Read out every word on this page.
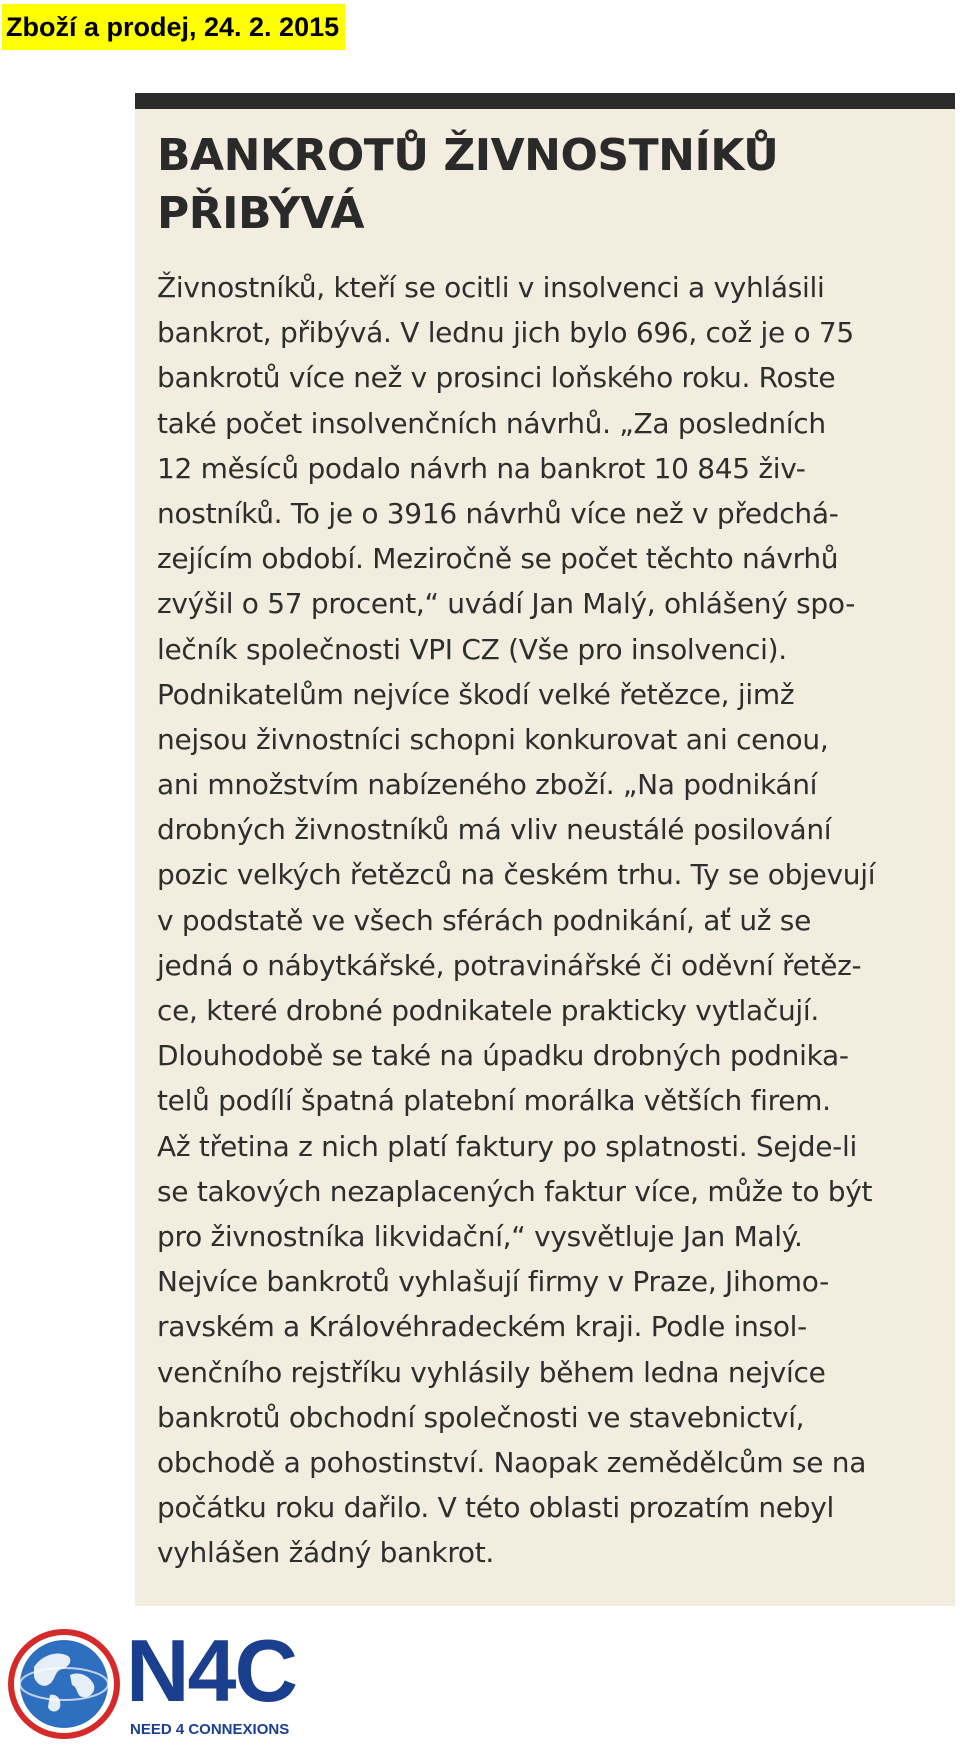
Zboží a prodej, 24. 2. 2015
BANKROTŮ ŽIVNOSTNÍKŮ
PŘIBÝVÁ
Živnostníků, kteří se ocitli v insolvenci a vyhlásili
bankrot, přibývá. V lednu jich bylo 696, což je o 75
bankrotů více než v prosinci loňského roku. Roste
také počet insolvenčních návrhů. „Za posledních
12 měsíců podalo návrh na bankrot 10 845 živ-
nostníků. To je o 3916 návrhů více než v předchá-
zejícím období. Meziročně se počet těchto návrhů
zvýšil o 57 procent,“ uvádí Jan Malý, ohlášený spo-
lečník společnosti VPI CZ (Vše pro insolvenci).
Podnikatelům nejvíce škodí velké řetězce, jimž
nejsou živnostníci schopni konkurovat ani cenou,
ani množstvím nabízeného zboží. „Na podnikání
drobných živnostníků má vliv neustálé posilování
pozic velkých řetězců na českém trhu. Ty se objevují
v podstatě ve všech sférách podnikání, ať už se
jedná o nábytkářské, potravinářské či oděvní řetěz-
ce, které drobné podnikatele prakticky vytlačují.
Dlouhodobě se také na úpadku drobných podnika-
telů podílí špatná platební morálka větších firem.
Až třetina z nich platí faktury po splatnosti. Sejde-li
se takových nezaplacených faktur více, může to být
pro živnostníka likvidační,“ vysvětluje Jan Malý.
Nejvíce bankrotů vyhlašují firmy v Praze, Jihomo-
ravském a Královéhradeckém kraji. Podle insol-
venčního rejstříku vyhlásily během ledna nejvíce
bankrotů obchodní společnosti ve stavebnictví,
obchodě a pohostinství. Naopak zemědělcům se na
počátku roku dařilo. V této oblasti prozatím nebyl
vyhlášen žádný bankrot.
N4C
NEED 4 CONNEXIONS
